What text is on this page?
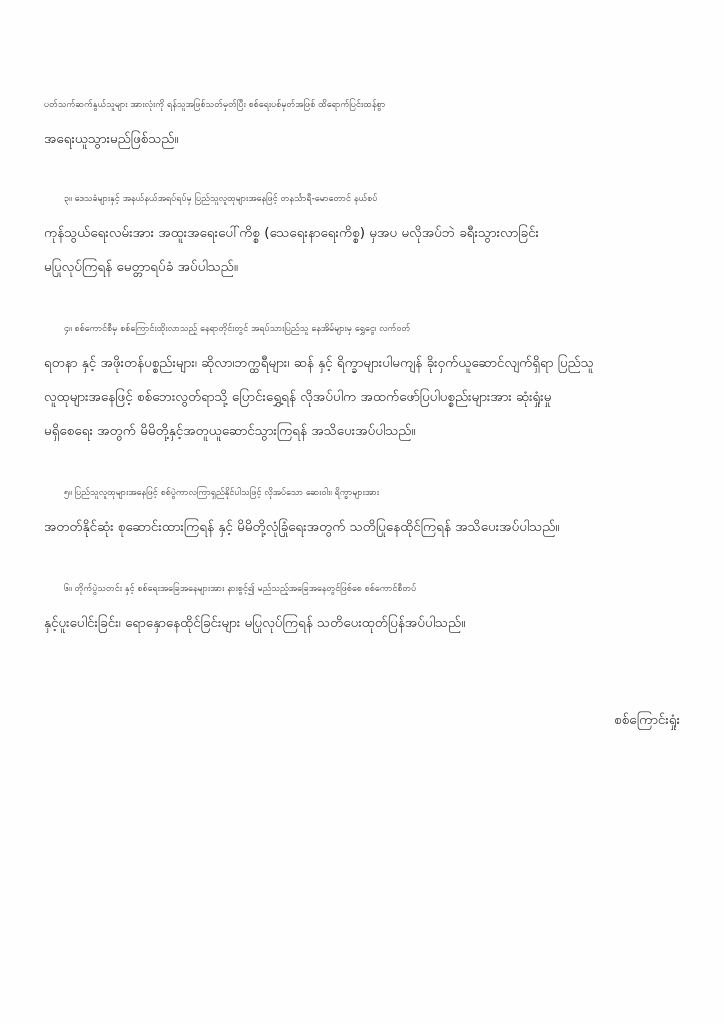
ပတ်သက်ဆက်နွယ်သူများ အားလုံးကို ရန်သူအဖြစ်သတ်မှတ်ပြီး စစ်ရေးပစ်မှတ်အဖြစ် ထိရောက်ပြင်းထန်စွာ
အရေးယူသွားမည်ဖြစ်သည်။

၃။ ဒေသခံများနှင့် အနယ်နယ်အရပ်ရပ်မှ ပြည်သူလူထုများအနေဖြင့် တနင်္သာရီ-မောတောင် နယ်စပ်
ကုန်သွယ်ရေးလမ်းအား အထူးအရေးပေါ်ကိစ္စ (သေရေးနာရေးကိစ္စ) မှအပ မလိုအပ်ဘဲ ခရီးသွားလာခြင်း
မပြုလုပ်ကြရန် မေတ္တာရပ်ခံ အပ်ပါသည်။

၄။ စစ်ကောင်စီမှ စစ်ကြောင်းထိုးလာသည့် နေရာတိုင်းတွင် အရပ်သားပြည်သူ နေအိမ်များမှ ရွှေငွေ၊ လက်ဝတ်
ရတနာ နှင့် အဖိုးတန်ပစ္စည်းများ၊ ဆိုလာ၊ဘက္ထရီများ၊ ဆန် နှင့် ရိက္ခာများပါမကျန် ခိုးဝှက်ယူဆောင်လျက်ရှိရာ ပြည်သူ
လူထုများအနေဖြင့် စစ်ဘေးလွတ်ရာသို့ ပြောင်းရွှေ့ရန် လိုအပ်ပါက အထက်ဖော်ပြပါပစ္စည်းများအား ဆုံးရှုံးမှု
မရှိစေရေး အတွက် မိမိတို့နှင့်အတူယူဆောင်သွားကြရန် အသိပေးအပ်ပါသည်။

၅။ ပြည်သူလူထုများအနေဖြင့် စစ်ပွဲကာလကြာရှည်နိုင်ပါသဖြင့် လိုအပ်သော ဆေးဝါး၊ ရိက္ခာများအား
အတတ်နိုင်ဆုံး စုဆောင်းထားကြရန် နှင့် မိမိတို့လုံခြုံရေးအတွက် သတိပြုနေထိုင်ကြရန် အသိပေးအပ်ပါသည်။

၆။ တိုက်ပွဲသတင်း နှင့် စစ်ရေးအခြေအနေများအား နားစွင့်၍ မည်သည့်အခြေအနေတွင်ဖြစ်စေ စစ်ကောင်စီတပ်
နှင့်ပူးပေါင်းခြင်း၊ ရောနှောနေထိုင်ခြင်းများ မပြုလုပ်ကြရန် သတိပေးထုတ်ပြန်အပ်ပါသည်။

စစ်ကြောင်းရှုံး
